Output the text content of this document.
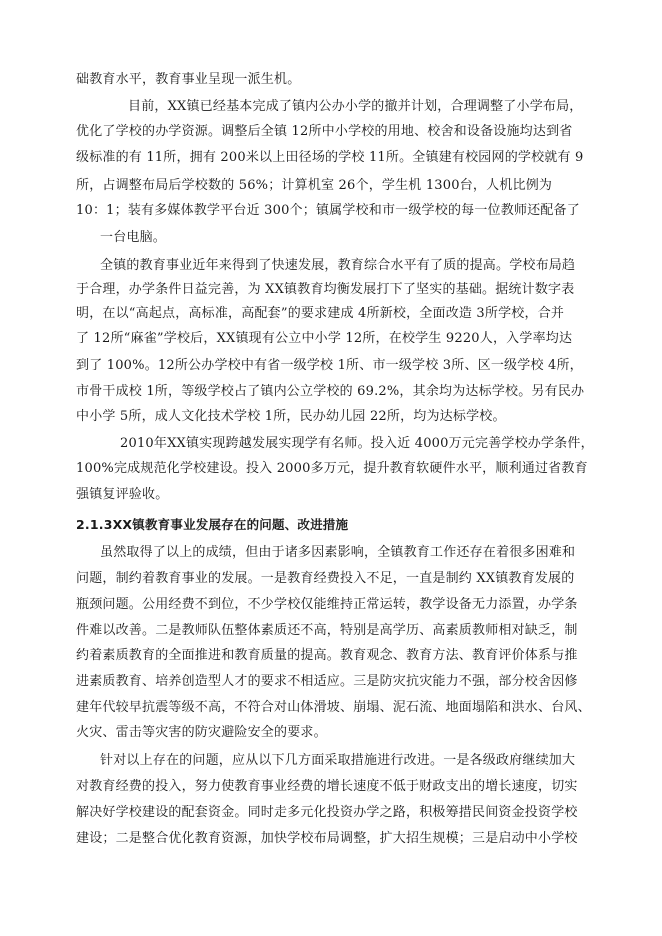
础教育水平，教育事业呈现一派生机。
目前，XX镇已经基本完成了镇内公办小学的撤并计划，合理调整了小学布局，
优化了学校的办学资源。调整后全镇 12所中小学校的用地、校舍和设备设施均达到省
级标准的有 11所，拥有 200米以上田径场的学校 11所。全镇建有校园网的学校就有 9
所，占调整布局后学校数的 56%；计算机室 26个，学生机 1300台，人机比例为
10：1；装有多媒体教学平台近 300个；镇属学校和市一级学校的每一位教师还配备了
一台电脑。
全镇的教育事业近年来得到了快速发展，教育综合水平有了质的提高。学校布局趋
于合理，办学条件日益完善，为 XX镇教育均衡发展打下了坚实的基础。据统计数字表
明，在以“高起点，高标准，高配套”的要求建成 4所新校，全面改造 3所学校，合并
了 12所“麻雀”学校后，XX镇现有公立中小学 12所，在校学生 9220人，入学率均达
到了 100%。12所公办学校中有省一级学校 1所、市一级学校 3所、区一级学校 4所，
市骨干成校 1所，等级学校占了镇内公立学校的 69.2%，其余均为达标学校。另有民办
中小学 5所，成人文化技术学校 1所，民办幼儿园 22所，均为达标学校。
2010年XX镇实现跨越发展实现学有名师。投入近 4000万元完善学校办学条件，
100%完成规范化学校建设。投入 2000多万元，提升教育软硬件水平，顺利通过省教育
强镇复评验收。
2.1.3XX镇教育事业发展存在的问题、改进措施
虽然取得了以上的成绩，但由于诸多因素影响，全镇教育工作还存在着很多困难和
问题，制约着教育事业的发展。一是教育经费投入不足，一直是制约 XX镇教育发展的
瓶颈问题。公用经费不到位，不少学校仅能维持正常运转，教学设备无力添置，办学条
件难以改善。二是教师队伍整体素质还不高，特别是高学历、高素质教师相对缺乏，制
约着素质教育的全面推进和教育质量的提高。教育观念、教育方法、教育评价体系与推
进素质教育、培养创造型人才的要求不相适应。三是防灾抗灾能力不强，部分校舍因修
建年代较早抗震等级不高，不符合对山体滑坡、崩塌、泥石流、地面塌陷和洪水、台风、
火灾、雷击等灾害的防灾避险安全的要求。
针对以上存在的问题，应从以下几方面采取措施进行改进。一是各级政府继续加大
对教育经费的投入，努力使教育事业经费的增长速度不低于财政支出的增长速度，切实
解决好学校建设的配套资金。同时走多元化投资办学之路，积极筹措民间资金投资学校
建设；二是整合优化教育资源，加快学校布局调整，扩大招生规模；三是启动中小学校
